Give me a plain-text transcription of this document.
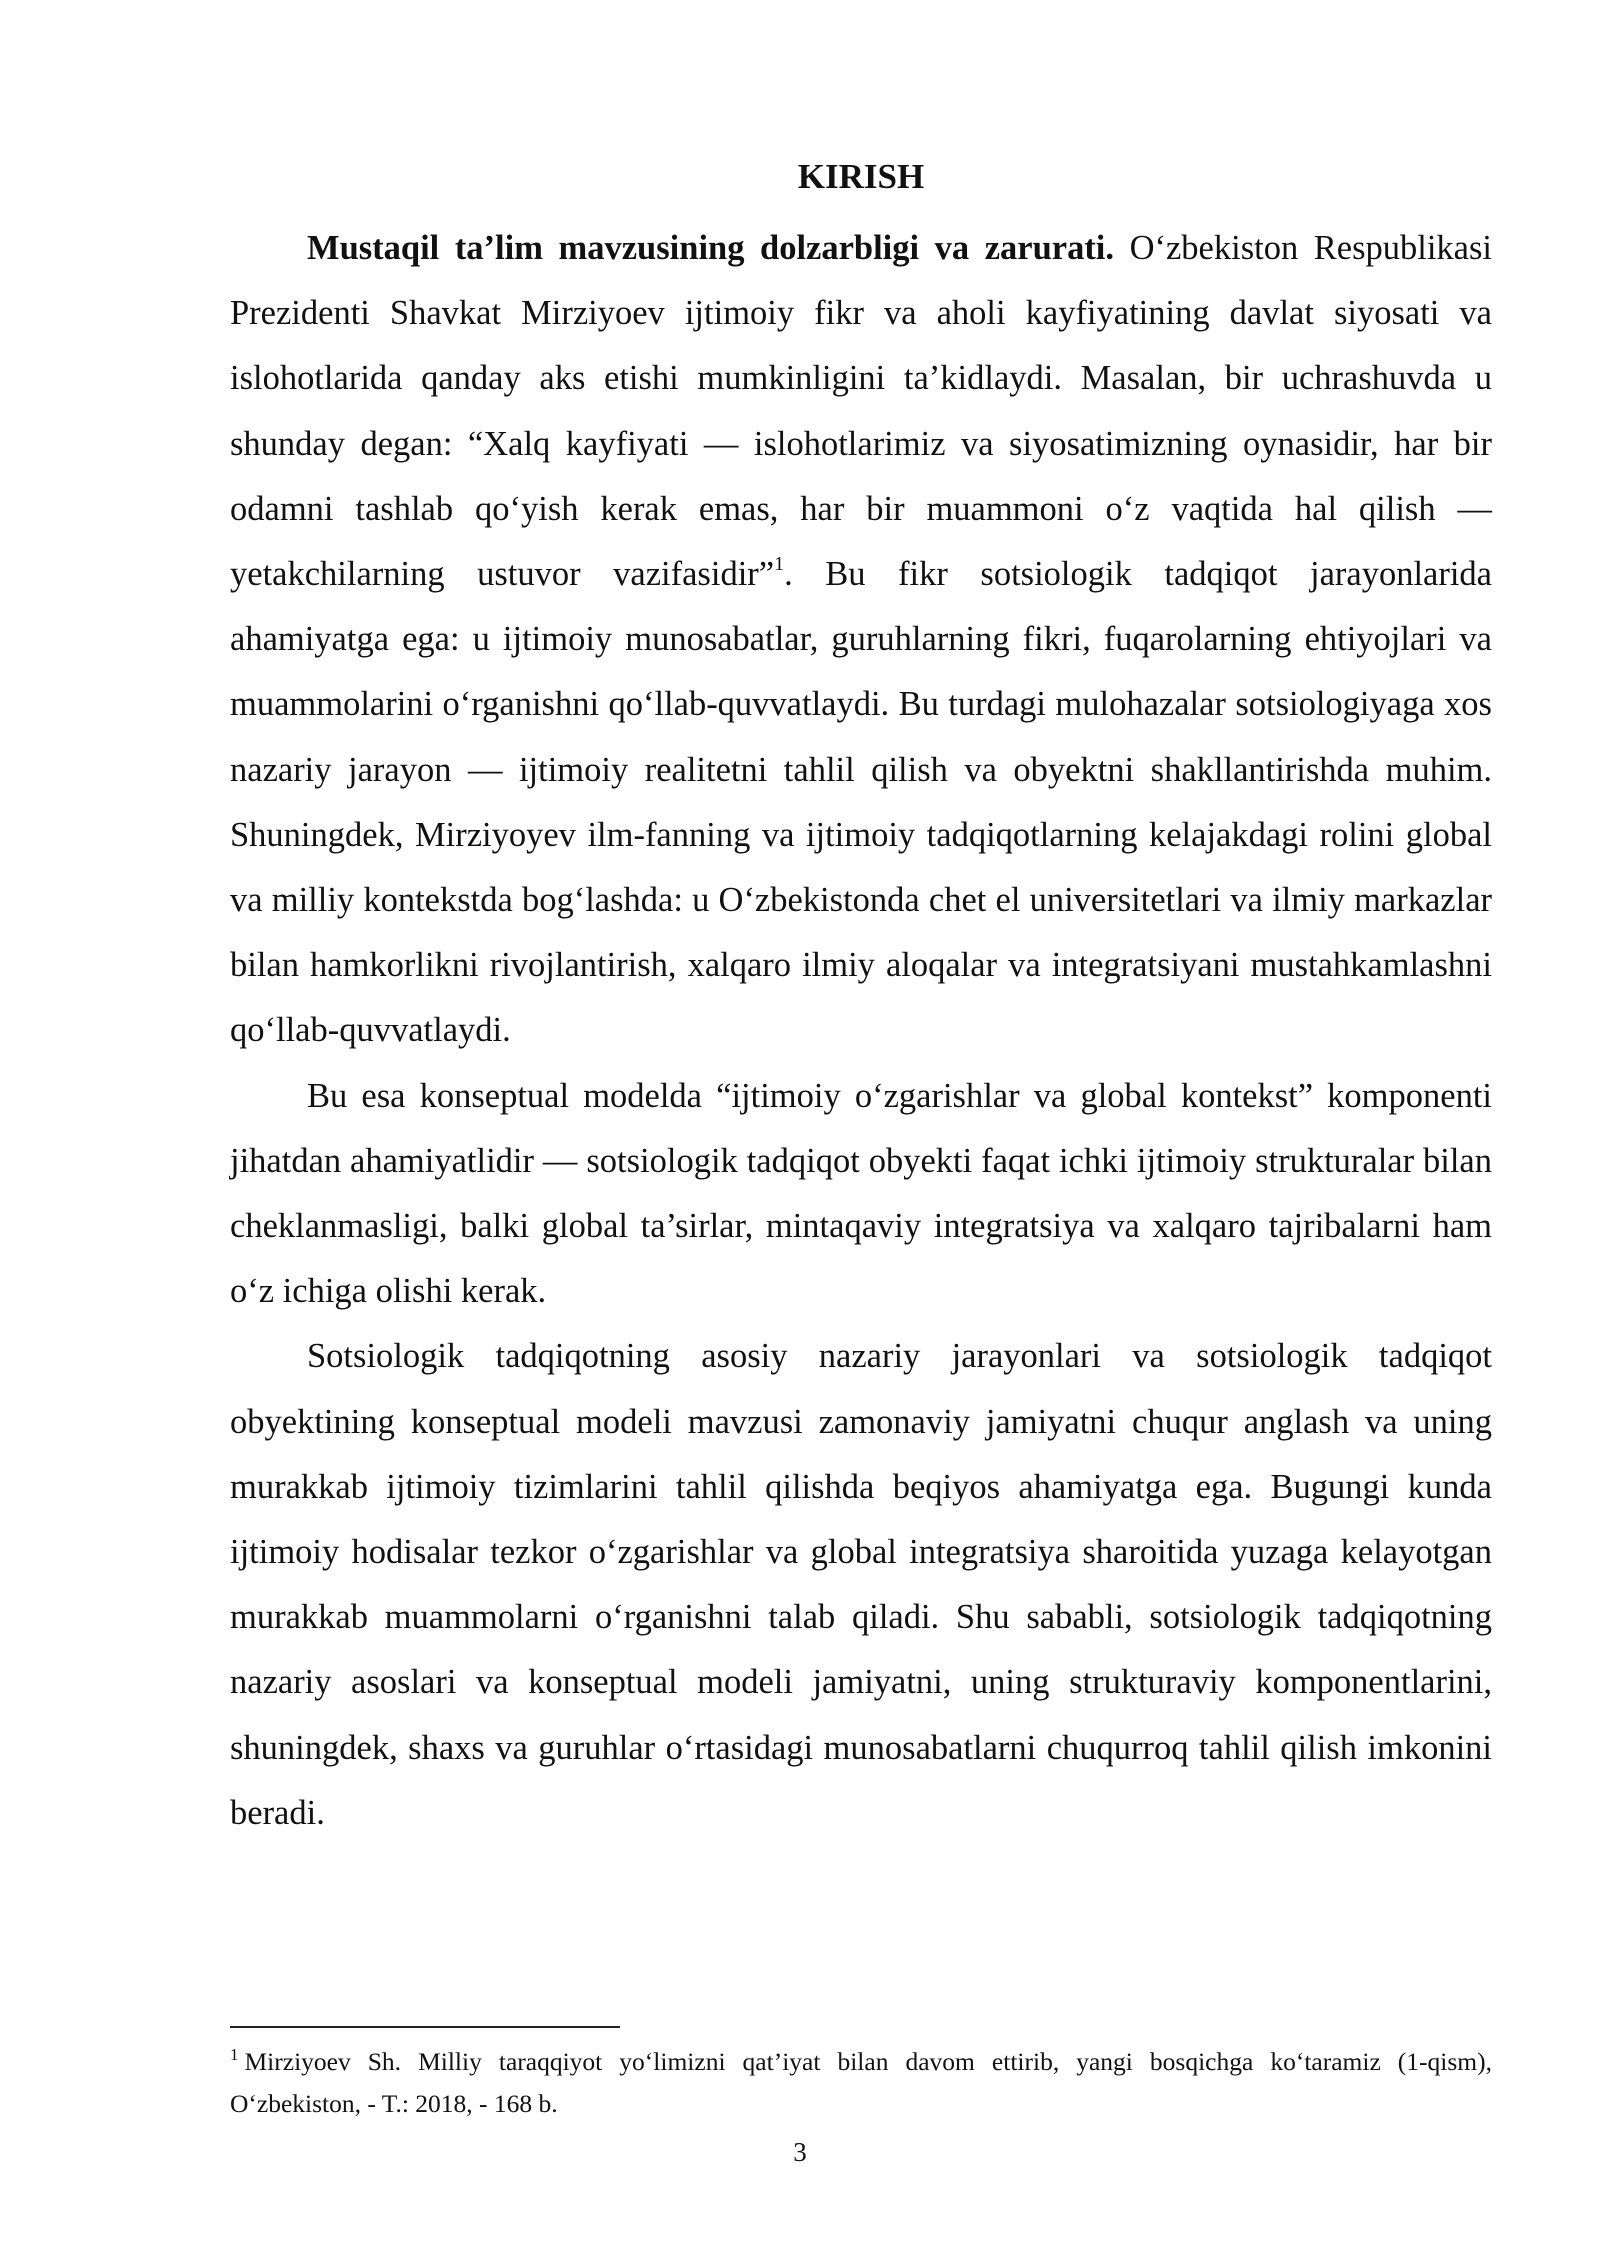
KIRISH

Mustaqil ta’lim mavzusining dolzarbligi va zarurati. O‘zbekiston Respublikasi Prezidenti Shavkat Mirziyoev ijtimoiy fikr va aholi kayfiyatining davlat siyosati va islohotlarida qanday aks etishi mumkinligini ta’kidlaydi. Masalan, bir uchrashuvda u shunday degan: “Xalq kayfiyati — islohotlarimiz va siyosatimizning oynasidir, har bir odamni tashlab qo‘yish kerak emas, har bir muammoni o‘z vaqtida hal qilish — yetakchilarning ustuvor vazifasidir”$^1$. Bu fikr sotsiologik tadqiqot jarayonlarida ahamiyatga ega: u ijtimoiy munosabatlar, guruhlarning fikri, fuqarolarning ehtiyojlari va muammolarini o‘rganishni qo‘llab-quvvatlaydi. Bu turdagi mulohazalar sotsiologiyaga xos nazariy jarayon — ijtimoiy realitetni tahlil qilish va obyektni shakllantirishda muhim. Shuningdek, Mirziyoyev ilm-fanning va ijtimoiy tadqiqotlarning kelajakdagi rolini global va milliy kontekstda bog‘lashda: u O‘zbekistonda chet el universitetlari va ilmiy markazlar bilan hamkorlikni rivojlantirish, xalqaro ilmiy aloqalar va integratsiyani mustahkamlashni qo‘llab-quvvatlaydi.

Bu esa konseptual modelda “ijtimoiy o‘zgarishlar va global kontekst” komponenti jihatdan ahamiyatlidir — sotsiologik tadqiqot obyekti faqat ichki ijtimoiy strukturalar bilan cheklanmasligi, balki global ta’sirlar, mintaqaviy integratsiya va xalqaro tajribalarni ham o‘z ichiga olishi kerak.

Sotsiologik tadqiqotning asosiy nazariy jarayonlari va sotsiologik tadqiqot obyektining konseptual modeli mavzusi zamonaviy jamiyatni chuqur anglash va uning murakkab ijtimoiy tizimlarini tahlil qilishda beqiyos ahamiyatga ega. Bugungi kunda ijtimoiy hodisalar tezkor o‘zgarishlar va global integratsiya sharoitida yuzaga kelayotgan murakkab muammolarni o‘rganishni talab qiladi. Shu sababli, sotsiologik tadqiqotning nazariy asoslari va konseptual modeli jamiyatni, uning strukturaviy komponentlarini, shuningdek, shaxs va guruhlar o‘rtasidagi munosabatlarni chuqurroq tahlil qilish imkonini beradi.

$^1$ Mirziyoev Sh. Milliy taraqqiyot yo‘limizni qat’iyat bilan davom ettirib, yangi bosqichga ko‘taramiz (1-qism), O‘zbekiston, - T.: 2018, - 168 b.

3
